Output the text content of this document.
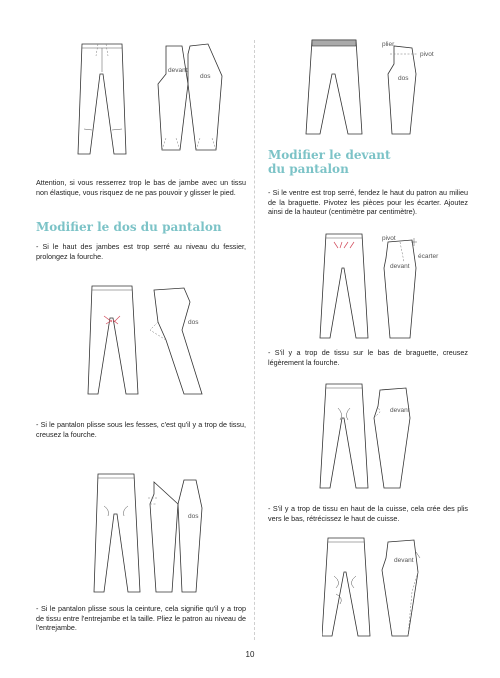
devant
dos

Attention, si vous resserrez trop le bas de jambe avec un tissu non élastique, vous risquez de ne pas pouvoir y glisser le pied.

Modifier le dos du pantalon

- Si le haut des jambes est trop serré au niveau du fessier, prolongez la fourche.

dos

- Si le pantalon plisse sous les fesses, c'est qu'il y a trop de tissu, creusez la fourche.

dos

- Si le pantalon plisse sous la ceinture, cela signifie qu'il y a trop de tissu entre l'entrejambe et la taille. Pliez le patron au niveau de l'entrejambe.

plier
pivot
dos
Modifier le devant
du pantalon

- Si le ventre est trop serré, fendez le haut du patron au milieu de la braguette. Pivotez les pièces pour les écarter. Ajoutez ainsi de la hauteur (centimètre par centimètre).

pivot
écarter
devant

- S'il y a trop de tissu sur le bas de braguette, creusez légèrement la fourche.

devant

- S'il y a trop de tissu en haut de la cuisse, cela crée des plis vers le bas, rétrécissez le haut de cuisse.

devant
10
